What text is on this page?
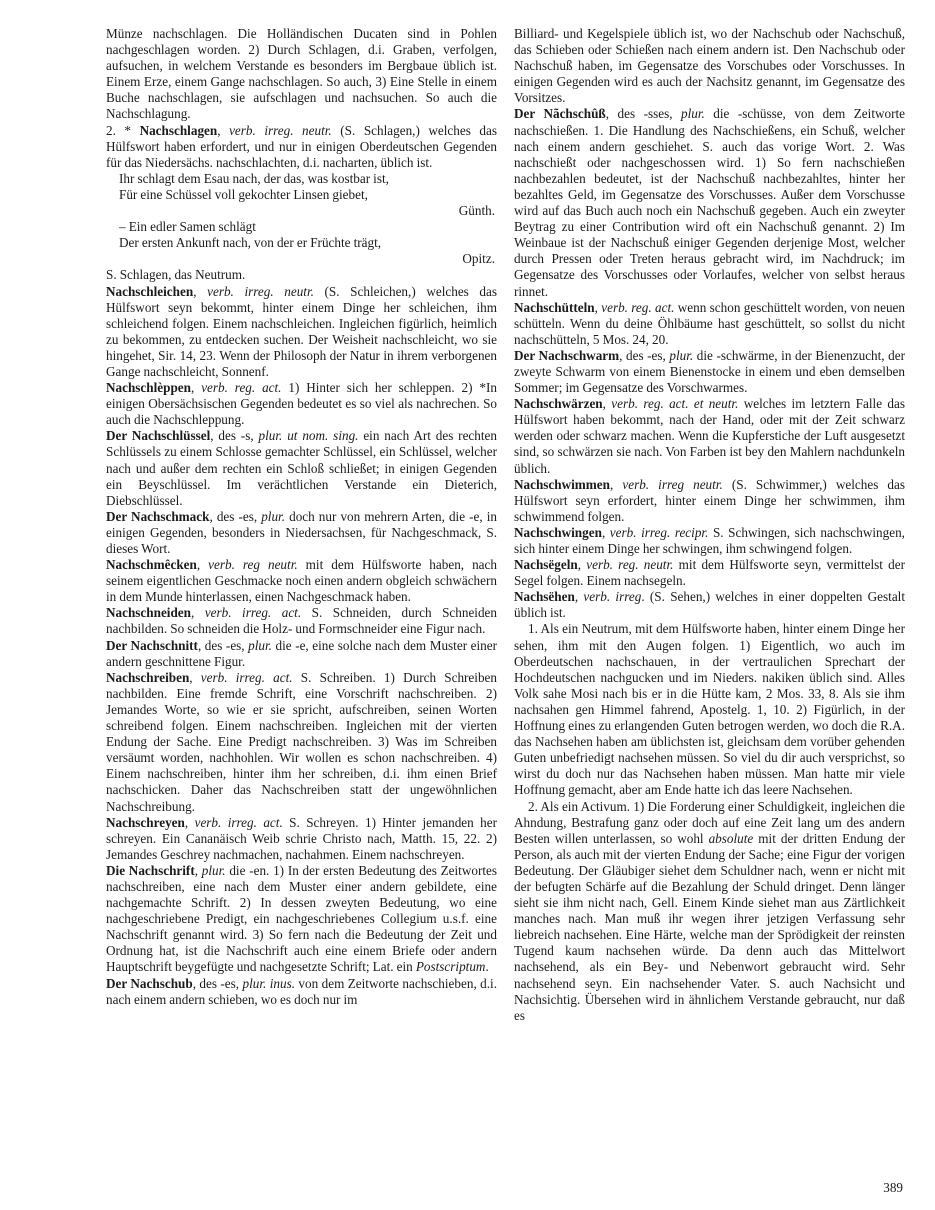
Münze nachschlagen. Die Holländischen Ducaten sind in Pohlen nachgeschlagen worden. 2) Durch Schlagen, d.i. Graben, verfolgen, aufsuchen, in welchem Verstande es besonders im Bergbaue üblich ist. Einem Erze, einem Gange nachschlagen. So auch, 3) Eine Stelle in einem Buche nachschlagen, sie aufschlagen und nachsuchen. So auch die Nachschlagung.

2. * Nachschlagen, verb. irreg. neutr. (S. Schlagen,) welches das Hülfswort haben erfordert, und nur in einigen Oberdeutschen Gegenden für das Niedersächs. nachschlachten, d.i. nacharten, üblich ist.

Ihr schlagt dem Esau nach, der das, was kostbar ist,
Für eine Schüssel voll gekochter Linsen giebet,
Günth.
– Ein edler Samen schlägt
Der ersten Ankunft nach, von der er Früchte trägt,
Opitz.

S. Schlagen, das Neutrum.

Nachschleichen, verb. irreg. neutr. (S. Schleichen,) welches das Hülfswort seyn bekommt, hinter einem Dinge her schleichen, ihm schleichend folgen. Einem nachschleichen. Ingleichen figürlich, heimlich zu bekommen, zu entdecken suchen. Der Weisheit nachschleicht, wo sie hingehet, Sir. 14, 23. Wenn der Philosoph der Natur in ihrem verborgenen Gange nachschleicht, Sonnenf.

Nachschlèppen, verb. reg. act. 1) Hinter sich her schleppen. 2) *In einigen Obersächsischen Gegenden bedeutet es so viel als nachrechen. So auch die Nachschleppung.

Der Nachschlüssel, des -s, plur. ut nom. sing. ein nach Art des rechten Schlüssels zu einem Schlosse gemachter Schlüssel, ein Schlüssel, welcher nach und außer dem rechten ein Schloß schließet; in einigen Gegenden ein Beyschlüssel. Im verächtlichen Verstande ein Dieterich, Diebschlüssel.

Der Nachschmack, des -es, plur. doch nur von mehrern Arten, die -e, in einigen Gegenden, besonders in Niedersachsen, für Nachgeschmack, S. dieses Wort.

Nachschmêcken, verb. reg neutr. mit dem Hülfsworte haben, nach seinem eigentlichen Geschmacke noch einen andern obgleich schwächern in dem Munde hinterlassen, einen Nachgeschmack haben.

Nachschneiden, verb. irreg. act. S. Schneiden, durch Schneiden nachbilden. So schneiden die Holz- und Formschneider eine Figur nach.

Der Nachschnitt, des -es, plur. die -e, eine solche nach dem Muster einer andern geschnittene Figur.

Nachschreiben, verb. irreg. act. S. Schreiben. 1) Durch Schreiben nachbilden. Eine fremde Schrift, eine Vorschrift nachschreiben. 2) Jemandes Worte, so wie er sie spricht, aufschreiben, seinen Worten schreibend folgen. Einem nachschreiben. Ingleichen mit der vierten Endung der Sache. Eine Predigt nachschreiben. 3) Was im Schreiben versäumt worden, nachhohlen. Wir wollen es schon nachschreiben. 4) Einem nachschreiben, hinter ihm her schreiben, d.i. ihm einen Brief nachschicken. Daher das Nachschreiben statt der ungewöhnlichen Nachschreibung.

Nachschreyen, verb. irreg. act. S. Schreyen. 1) Hinter jemanden her schreyen. Ein Cananäisch Weib schrie Christo nach, Matth. 15, 22. 2) Jemandes Geschrey nachmachen, nachahmen. Einem nachschreyen.

Die Nachschrift, plur. die -en. 1) In der ersten Bedeutung des Zeitwortes nachschreiben, eine nach dem Muster einer andern gebildete, eine nachgemachte Schrift. 2) In dessen zweyten Bedeutung, wo eine nachgeschriebene Predigt, ein nachgeschriebenes Collegium u.s.f. eine Nachschrift genannt wird. 3) So fern nach die Bedeutung der Zeit und Ordnung hat, ist die Nachschrift auch eine einem Briefe oder andern Hauptschrift beygefügte und nachgesetzte Schrift; Lat. ein Postscriptum.

Der Nachschub, des -es, plur. inus. von dem Zeitworte nachschieben, d.i. nach einem andern schieben, wo es doch nur im

Billiard- und Kegelspiele üblich ist, wo der Nachschub oder Nachschuß, das Schieben oder Schießen nach einem andern ist. Den Nachschub oder Nachschuß haben, im Gegensatze des Vorschubes oder Vorschusses. In einigen Gegenden wird es auch der Nachsitz genannt, im Gegensatze des Vorsitzes.

Der Nãchschûß, des -sses, plur. die -schüsse, von dem Zeitworte nachschießen. 1. Die Handlung des Nachschießens, ein Schuß, welcher nach einem andern geschiehet. S. auch das vorige Wort. 2. Was nachschießt oder nachgeschossen wird. 1) So fern nachschießen nachbezahlen bedeutet, ist der Nachschuß nachbezahltes, hinter her bezahltes Geld, im Gegensatze des Vorschusses. Außer dem Vorschusse wird auf das Buch auch noch ein Nachschuß gegeben. Auch ein zweyter Beytrag zu einer Contribution wird oft ein Nachschuß genannt. 2) Im Weinbaue ist der Nachschuß einiger Gegenden derjenige Most, welcher durch Pressen oder Treten heraus gebracht wird, im Nachdruck; im Gegensatze des Vorschusses oder Vorlaufes, welcher von selbst heraus rinnet.

Nachschütteln, verb. reg. act. wenn schon geschüttelt worden, von neuen schütteln. Wenn du deine Öhlbäume hast geschüttelt, so sollst du nicht nachschütteln, 5 Mos. 24, 20.

Der Nachschwarm, des -es, plur. die -schwärme, in der Bienenzucht, der zweyte Schwarm von einem Bienenstocke in einem und eben demselben Sommer; im Gegensatze des Vorschwarmes.

Nachschwärzen, verb. reg. act. et neutr. welches im letztern Falle das Hülfswort haben bekommt, nach der Hand, oder mit der Zeit schwarz werden oder schwarz machen. Wenn die Kupferstiche der Luft ausgesetzt sind, so schwärzen sie nach. Von Farben ist bey den Mahlern nachdunkeln üblich.

Nachschwimmen, verb. irreg neutr. (S. Schwimmer,) welches das Hülfswort seyn erfordert, hinter einem Dinge her schwimmen, ihm schwimmend folgen.

Nachschwingen, verb. irreg. recipr. S. Schwingen, sich nachschwingen, sich hinter einem Dinge her schwingen, ihm schwingend folgen.

Nachsëgeln, verb. reg. neutr. mit dem Hülfsworte seyn, vermittelst der Segel folgen. Einem nachsegeln.

Nachsëhen, verb. irreg. (S. Sehen,) welches in einer doppelten Gestalt üblich ist.

1. Als ein Neutrum, mit dem Hülfsworte haben, hinter einem Dinge her sehen, ihm mit den Augen folgen. 1) Eigentlich, wo auch im Oberdeutschen nachschauen, in der vertraulichen Sprechart der Hochdeutschen nachgucken und im Nieders. nakiken üblich sind. Alles Volk sahe Mosi nach bis er in die Hütte kam, 2 Mos. 33, 8. Als sie ihm nachsahen gen Himmel fahrend, Apostelg. 1, 10. 2) Figürlich, in der Hoffnung eines zu erlangenden Guten betrogen werden, wo doch die R.A. das Nachsehen haben am üblichsten ist, gleichsam dem vorüber gehenden Guten unbefriedigt nachsehen müssen. So viel du dir auch versprichst, so wirst du doch nur das Nachsehen haben müssen. Man hatte mir viele Hoffnung gemacht, aber am Ende hatte ich das leere Nachsehen.

2. Als ein Activum. 1) Die Forderung einer Schuldigkeit, ingleichen die Ahndung, Bestrafung ganz oder doch auf eine Zeit lang um des andern Besten willen unterlassen, so wohl absolute mit der dritten Endung der Person, als auch mit der vierten Endung der Sache; eine Figur der vorigen Bedeutung. Der Gläubiger siehet dem Schuldner nach, wenn er nicht mit der befugten Schärfe auf die Bezahlung der Schuld dringet. Denn länger sieht sie ihm nicht nach, Gell. Einem Kinde siehet man aus Zärtlichkeit manches nach. Man muß ihr wegen ihrer jetzigen Verfassung sehr liebreich nachsehen. Eine Härte, welche man der Sprödigkeit der reinsten Tugend kaum nachsehen würde. Da denn auch das Mittelwort nachsehend, als ein Bey- und Nebenwort gebraucht wird. Sehr nachsehend seyn. Ein nachsehender Vater. S. auch Nachsicht und Nachsichtig. Übersehen wird in ähnlichem Verstande gebraucht, nur daß es

389
